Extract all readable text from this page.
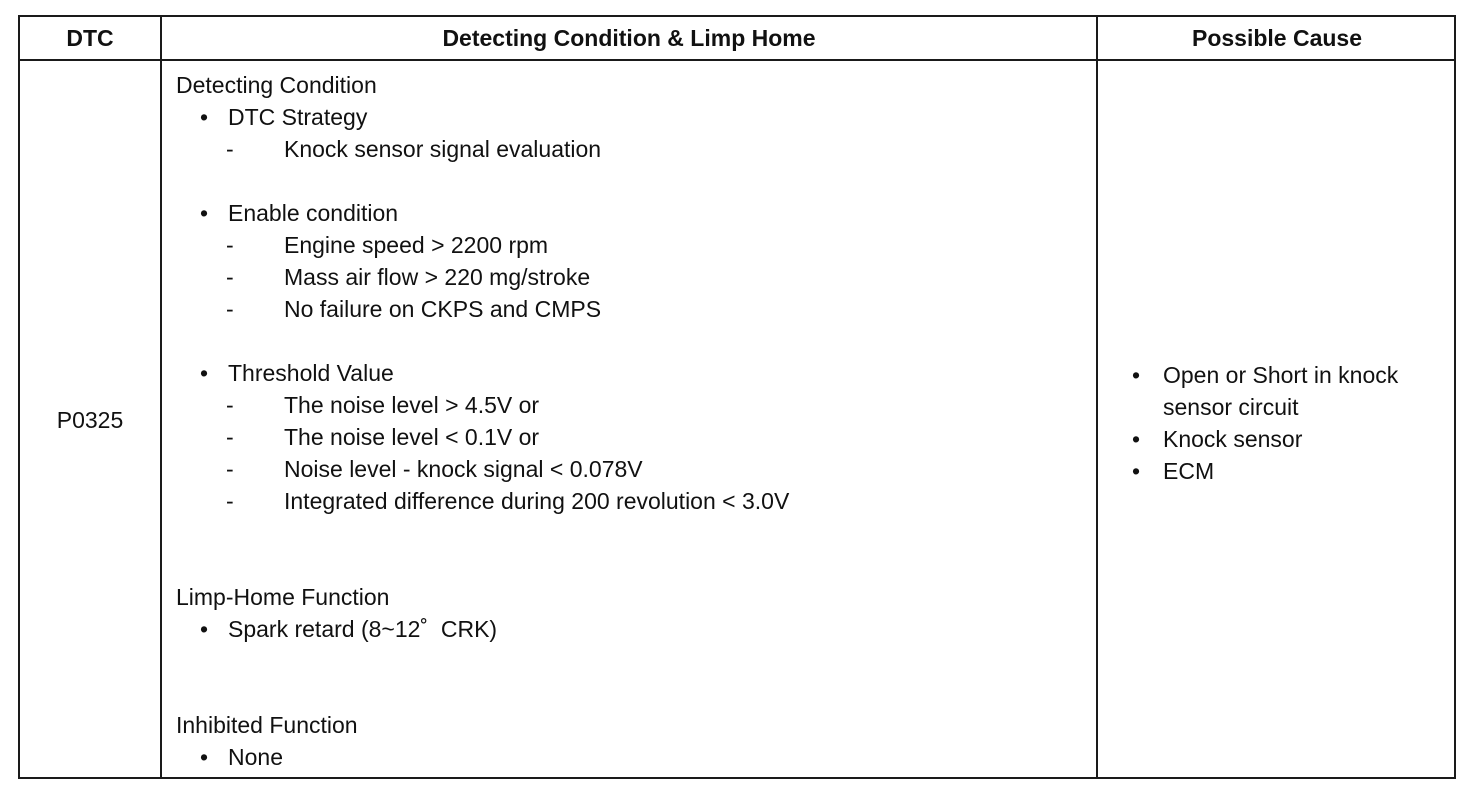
DTC	Detecting Condition & Limp Home	Possible Cause
P0325
Detecting Condition
• DTC Strategy
- Knock sensor signal evaluation
• Enable condition
- Engine speed > 2200 rpm
- Mass air flow > 220 mg/stroke
- No failure on CKPS and CMPS
• Threshold Value
- The noise level > 4.5V or
- The noise level < 0.1V or
- Noise level - knock signal < 0.078V
- Integrated difference during 200 revolution < 3.0V
Limp-Home Function
• Spark retard (8~12˚  CRK)
Inhibited Function
• None
• Open or Short in knock
sensor circuit
• Knock sensor
• ECM
